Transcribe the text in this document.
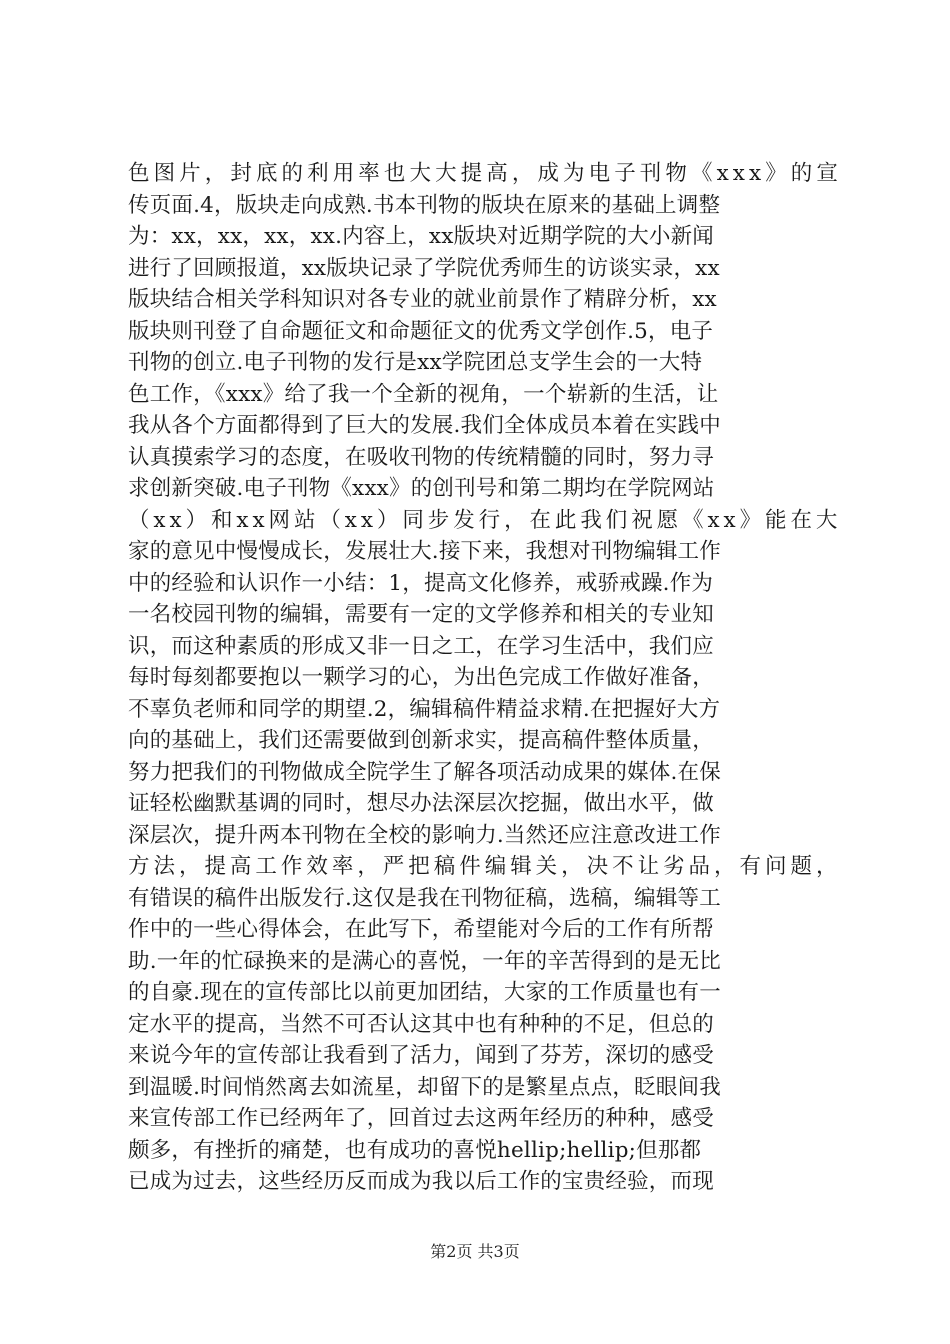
色图片，封底的利用率也大大提高，成为电子刊物《xxx》的宣
传页面.4，版块走向成熟.书本刊物的版块在原来的基础上调整
为：xx，xx，xx，xx.内容上，xx版块对近期学院的大小新闻
进行了回顾报道，xx版块记录了学院优秀师生的访谈实录，xx
版块结合相关学科知识对各专业的就业前景作了精辟分析，xx
版块则刊登了自命题征文和命题征文的优秀文学创作.5，电子
刊物的创立.电子刊物的发行是xx学院团总支学生会的一大特
色工作，《xxx》给了我一个全新的视角，一个崭新的生活，让
我从各个方面都得到了巨大的发展.我们全体成员本着在实践中
认真摸索学习的态度，在吸收刊物的传统精髓的同时，努力寻
求创新突破.电子刊物《xxx》的创刊号和第二期均在学院网站
（xx）和xx网站（xx）同步发行，在此我们祝愿《xx》能在大
家的意见中慢慢成长，发展壮大.接下来，我想对刊物编辑工作
中的经验和认识作一小结：1，提高文化修养，戒骄戒躁.作为
一名校园刊物的编辑，需要有一定的文学修养和相关的专业知
识，而这种素质的形成又非一日之工，在学习生活中，我们应
每时每刻都要抱以一颗学习的心，为出色完成工作做好准备，
不辜负老师和同学的期望.2，编辑稿件精益求精.在把握好大方
向的基础上，我们还需要做到创新求实，提高稿件整体质量，
努力把我们的刊物做成全院学生了解各项活动成果的媒体.在保
证轻松幽默基调的同时，想尽办法深层次挖掘，做出水平，做
深层次，提升两本刊物在全校的影响力.当然还应注意改进工作
方法，提高工作效率，严把稿件编辑关，决不让劣品，有问题，
有错误的稿件出版发行.这仅是我在刊物征稿，选稿，编辑等工
作中的一些心得体会，在此写下，希望能对今后的工作有所帮
助.一年的忙碌换来的是满心的喜悦，一年的辛苦得到的是无比
的自豪.现在的宣传部比以前更加团结，大家的工作质量也有一
定水平的提高，当然不可否认这其中也有种种的不足，但总的
来说今年的宣传部让我看到了活力，闻到了芬芳，深切的感受
到温暖.时间悄然离去如流星，却留下的是繁星点点，眨眼间我
来宣传部工作已经两年了，回首过去这两年经历的种种，感受
颇多，有挫折的痛楚，也有成功的喜悦hellip;hellip;但那都
已成为过去，这些经历反而成为我以后工作的宝贵经验，而现
第2页 共3页
